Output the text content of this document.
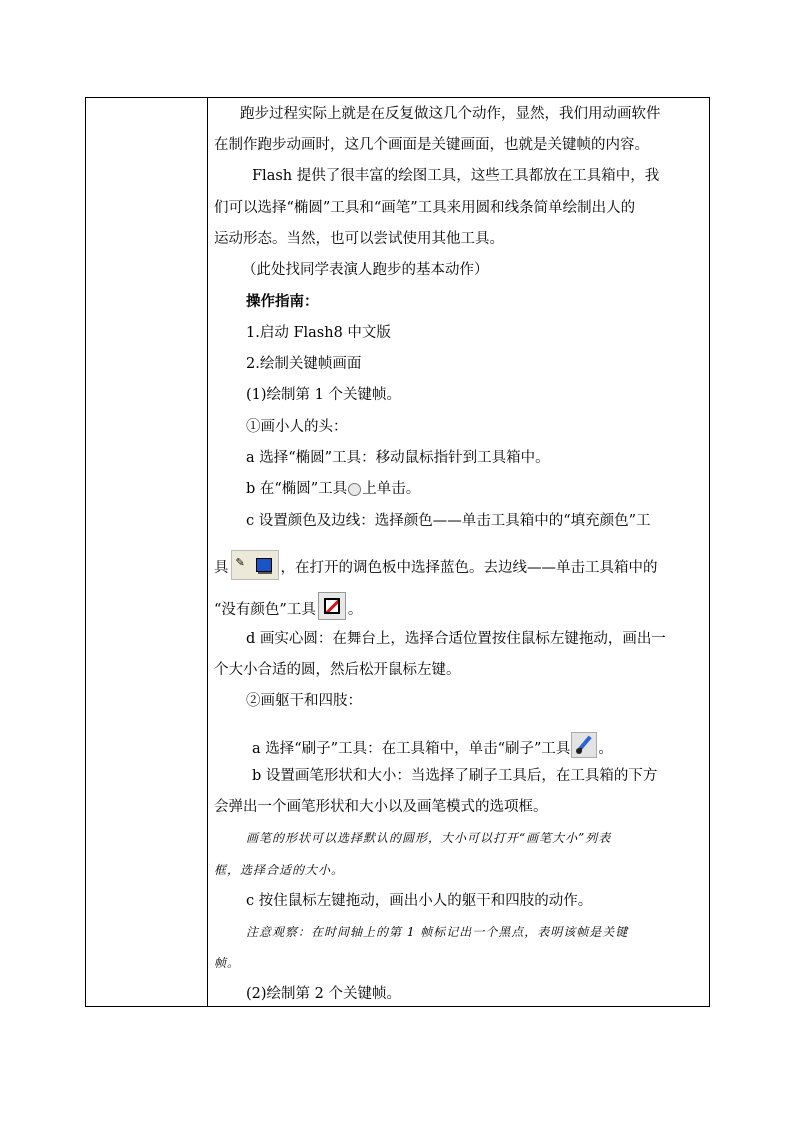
跑步过程实际上就是在反复做这几个动作，显然，我们用动画软件
在制作跑步动画时，这几个画面是关键画面，也就是关键帧的内容。
Flash 提供了很丰富的绘图工具，这些工具都放在工具箱中，我
们可以选择“椭圆”工具和“画笔”工具来用圆和线条简单绘制出人的
运动形态。当然，也可以尝试使用其他工具。
（此处找同学表演人跑步的基本动作）
操作指南：
1.启动 Flash8 中文版
2.绘制关键帧画面
(1)绘制第 1 个关键帧。
①画小人的头：
a 选择“椭圆”工具：移动鼠标指针到工具箱中。
b 在“椭圆”工具 上单击。
c 设置颜色及边线：选择颜色——单击工具箱中的“填充颜色”工
具 ✎ ，在打开的调色板中选择蓝色。去边线——单击工具箱中的
“没有颜色”工具 。
d 画实心圆：在舞台上，选择合适位置按住鼠标左键拖动，画出一
个大小合适的圆，然后松开鼠标左键。
②画躯干和四肢：
a 选择“刷子”工具：在工具箱中，单击“刷子”工具 。
b 设置画笔形状和大小：当选择了刷子工具后，在工具箱的下方
会弹出一个画笔形状和大小以及画笔模式的选项框。
画笔的形状可以选择默认的圆形，大小可以打开“画笔大小”列表
框，选择合适的大小。
c 按住鼠标左键拖动，画出小人的躯干和四肢的动作。
注意观察：在时间轴上的第 1 帧标记出一个黑点，表明该帧是关键
帧。
(2)绘制第 2 个关键帧。
